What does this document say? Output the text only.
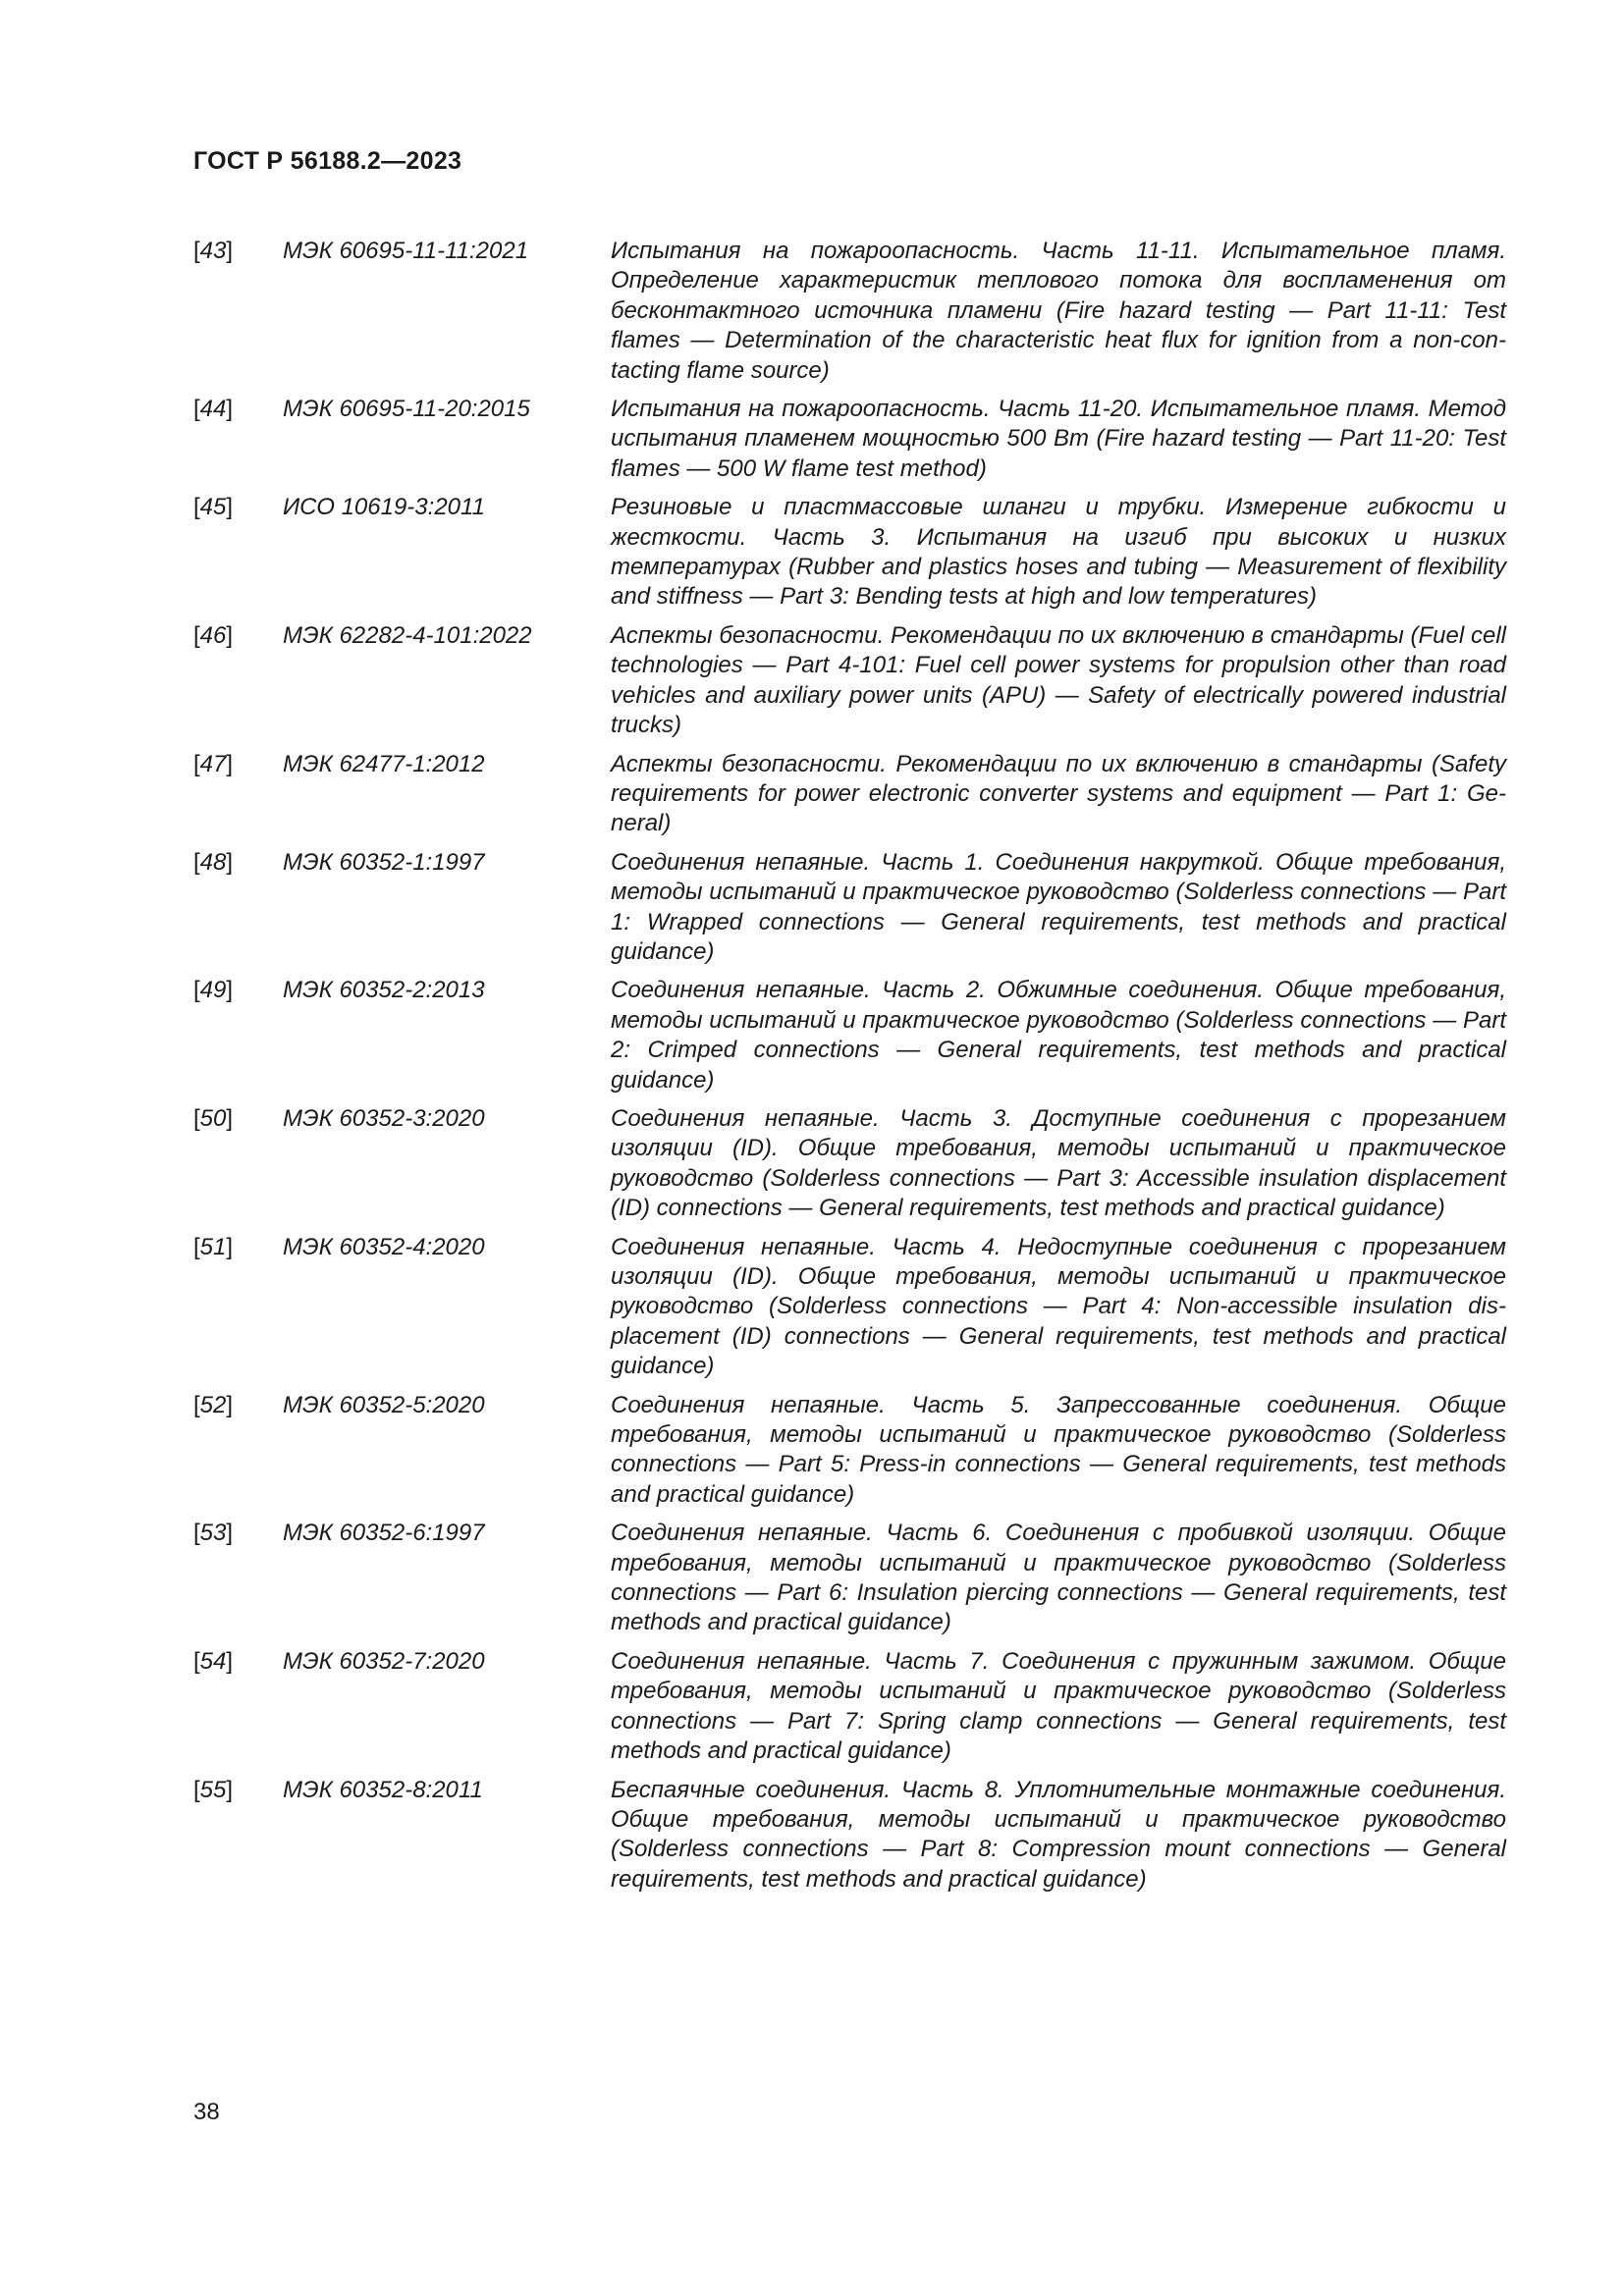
ГОСТ Р 56188.2—2023
[43]	МЭК 60695-11-11:2021	Испытания на пожароопасность. Часть 11-11. Испытательное пламя. Определение характеристик теплового потока для воспламенения от бесконтактного источника пламени (Fire hazard testing — Part 11-11: Test flames — Determination of the characteristic heat flux for ignition from a non-contacting flame source)
[44]	МЭК 60695-11-20:2015	Испытания на пожароопасность. Часть 11-20. Испытательное пламя. Метод испытания пламенем мощностью 500 Вт (Fire hazard testing — Part 11-20: Test flames — 500 W flame test method)
[45]	ИСО 10619-3:2011	Резиновые и пластмассовые шланги и трубки. Измерение гибкости и жесткости. Часть 3. Испытания на изгиб при высоких и низких температурах (Rubber and plastics hoses and tubing — Measurement of flexibility and stiffness — Part 3: Bending tests at high and low temperatures)
[46]	МЭК 62282-4-101:2022	Аспекты безопасности. Рекомендации по их включению в стандарты (Fuel cell technologies — Part 4-101: Fuel cell power systems for propulsion other than road vehicles and auxiliary power units (APU) — Safety of electrically powered industrial trucks)
[47]	МЭК 62477-1:2012	Аспекты безопасности. Рекомендации по их включению в стандарты (Safety requirements for power electronic converter systems and equipment — Part 1: General)
[48]	МЭК 60352-1:1997	Соединения непаяные. Часть 1. Соединения накруткой. Общие требования, методы испытаний и практическое руководство (Solderless connections — Part 1: Wrapped connections — General requirements, test methods and practical guidance)
[49]	МЭК 60352-2:2013	Соединения непаяные. Часть 2. Обжимные соединения. Общие требования, методы испытаний и практическое руководство (Solderless connections — Part 2: Crimped connections — General requirements, test methods and practical guidance)
[50]	МЭК 60352-3:2020	Соединения непаяные. Часть 3. Доступные соединения с прорезанием изоляции (ID). Общие требования, методы испытаний и практическое руководство (Solderless connections — Part 3: Accessible insulation displacement (ID) connections — General requirements, test methods and practical guidance)
[51]	МЭК 60352-4:2020	Соединения непаяные. Часть 4. Недоступные соединения с прорезанием изоляции (ID). Общие требования, методы испытаний и практическое руководство (Solderless connections — Part 4: Non-accessible insulation displacement (ID) connections — General requirements, test methods and practical guidance)
[52]	МЭК 60352-5:2020	Соединения непаяные. Часть 5. Запрессованные соединения. Общие требования, методы испытаний и практическое руководство (Solderless connections — Part 5: Press-in connections — General requirements, test methods and practical guidance)
[53]	МЭК 60352-6:1997	Соединения непаяные. Часть 6. Соединения с пробивкой изоляции. Общие требования, методы испытаний и практическое руководство (Solderless connections — Part 6: Insulation piercing connections — General requirements, test methods and practical guidance)
[54]	МЭК 60352-7:2020	Соединения непаяные. Часть 7. Соединения с пружинным зажимом. Общие требования, методы испытаний и практическое руководство (Solderless connections — Part 7: Spring clamp connections — General requirements, test methods and practical guidance)
[55]	МЭК 60352-8:2011	Беспаячные соединения. Часть 8. Уплотнительные монтажные соединения. Общие требования, методы испытаний и практическое руководство (Solderless connections — Part 8: Compression mount connections — General requirements, test methods and practical guidance)
38
